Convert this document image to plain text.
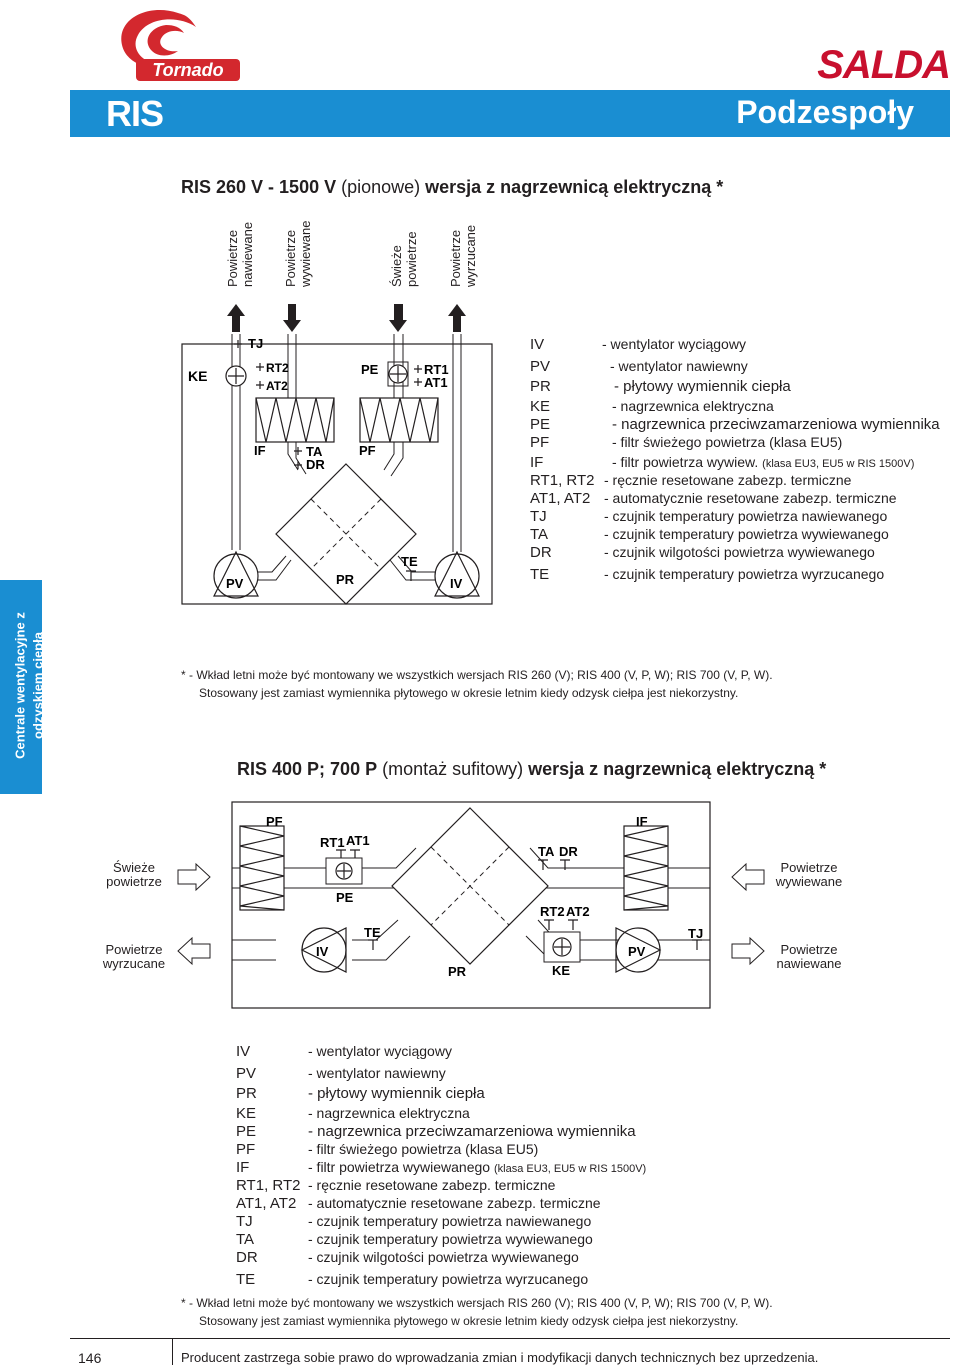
Tornado	SALDA
RIS	Podzespoły
Centrale wentylacyjne z odzyskiem ciepła
RIS 260 V - 1500 V (pionowe) wersja z nagrzewnicą elektryczną *
Powietrze nawiewane Powietrze wywiewane	Świeże powietrze Powietrze wyrzucane
KE
TJ
RT2
AT2
IF	TA
DR
PE	RT1
AT1
PF
PR
TE
PV	IV
IV	- wentylator wyciągowy
PV	- wentylator nawiewny
PR	- płytowy wymiennik ciepła
KE	- nagrzewnica elektryczna
PE	- nagrzewnica przeciwzamarzeniowa wymiennika
PF	- filtr świeżego powietrza (klasa EU5)
IF	- filtr powietrza wywiew. (klasa EU3, EU5 w RIS 1500V)
RT1, RT2 - ręcznie resetowane zabezp. termiczne
AT1, AT2 - automatycznie resetowane zabezp. termiczne
TJ	- czujnik temperatury powietrza nawiewanego
TA	- czujnik temperatury powietrza wywiewanego
DR	- czujnik wilgotości powietrza wywiewanego
TE	- czujnik temperatury powietrza wyrzucanego
* - Wkład letni może być montowany we wszystkich wersjach RIS 260 (V); RIS 400 (V, P, W); RIS 700 (V, P, W).
Stosowany jest zamiast wymiennika płytowego w okresie letnim kiedy odzysk ciełpa jest niekorzystny.
RIS 400 P; 700 P (montaż sufitowy) wersja z nagrzewnicą elektryczną *
Świeże
powietrze
Powietrze
wyrzucane
Powietrze
wywiewane
Powietrze
nawiewane
PF
RT1 AT1
PE
PR
TE
IV
TA DR
IF
RT2 AT2
KE
PV
TJ
IV	- wentylator wyciągowy
PV	- wentylator nawiewny
PR	- płytowy wymiennik ciepła
KE	- nagrzewnica elektryczna
PE	- nagrzewnica przeciwzamarzeniowa wymiennika
PF	- filtr świeżego powietrza (klasa EU5)
IF	- filtr powietrza wywiewanego (klasa EU3, EU5 w RIS 1500V)
RT1, RT2 - ręcznie resetowane zabezp. termiczne
AT1, AT2 - automatycznie resetowane zabezp. termiczne
TJ	- czujnik temperatury powietrza nawiewanego
TA	- czujnik temperatury powietrza wywiewanego
DR	- czujnik wilgotości powietrza wywiewanego
TE	- czujnik temperatury powietrza wyrzucanego
* - Wkład letni może być montowany we wszystkich wersjach RIS 260 (V); RIS 400 (V, P, W); RIS 700 (V, P, W).
Stosowany jest zamiast wymiennika płytowego w okresie letnim kiedy odzysk ciełpa jest niekorzystny.
146	Producent zastrzega sobie prawo do wprowadzania zmian i modyfikacji danych technicznych bez uprzedzenia.
